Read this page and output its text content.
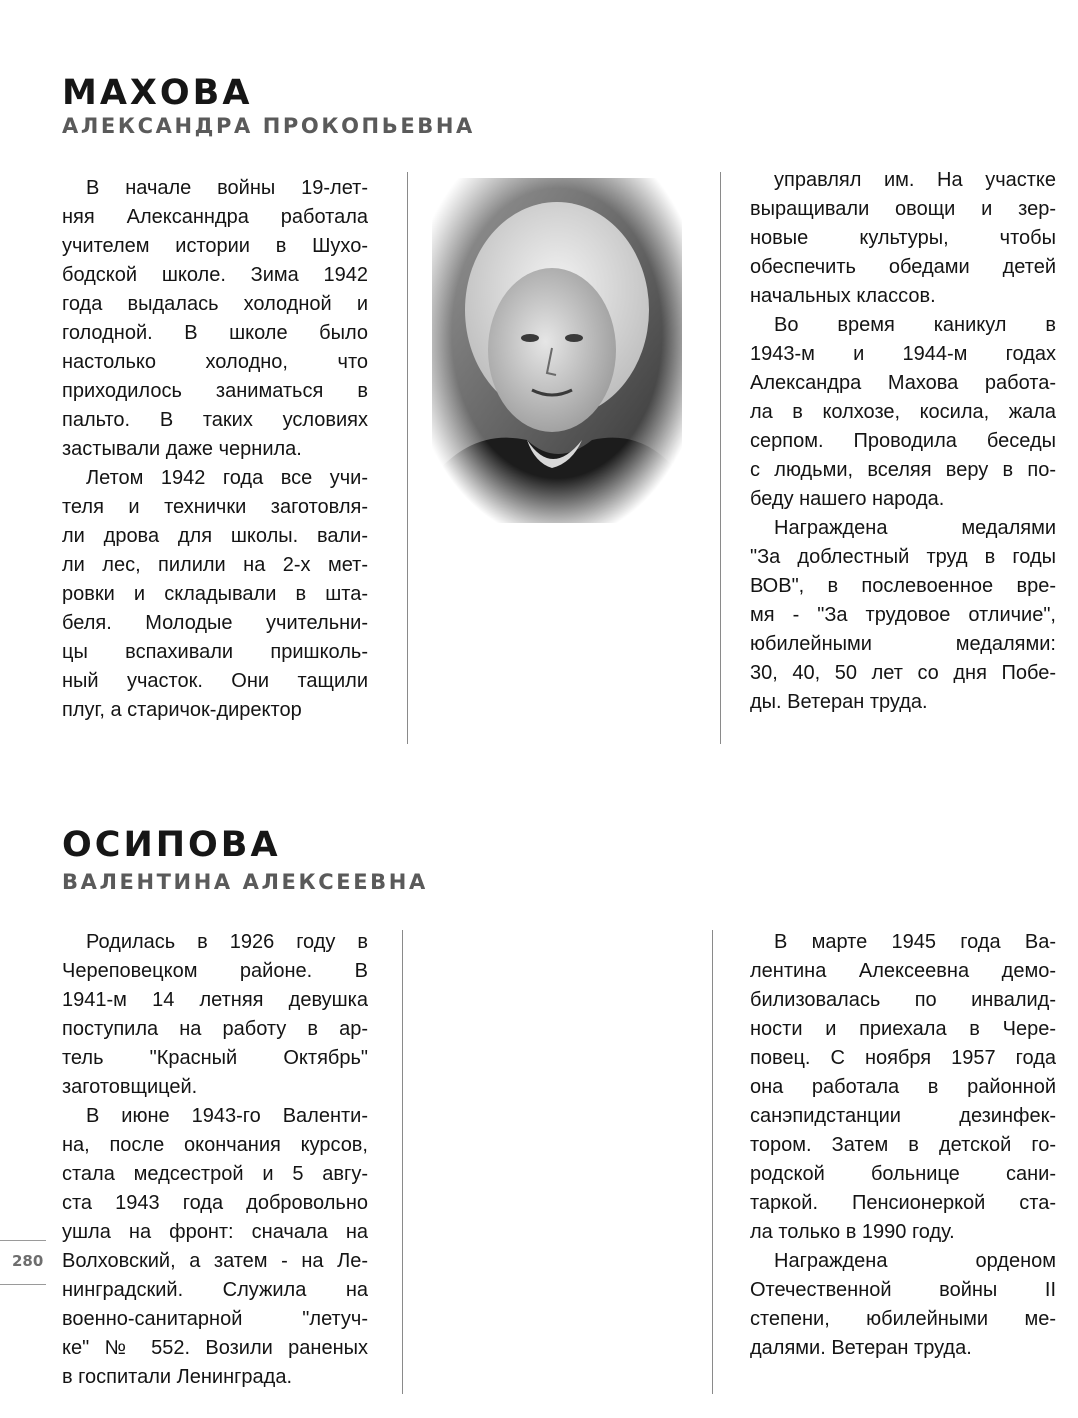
МАХОВА
АЛЕКСАНДРА ПРОКОПЬЕВНА

В начале войны 19-лет-
няя Алексанндра работала
учителем истории в Шухо-
бодской школе. Зима 1942
года выдалась холодной и
голодной. В школе было
настолько холодно, что
приходилось заниматься в
пальто. В таких условиях
застывали даже чернила.

Летом 1942 года все учи-
теля и технички заготовля-
ли дрова для школы. вали-
ли лес, пилили на 2-х мет-
ровки и складывали в шта-
беля. Молодые учительни-
цы вспахивали пришколь-
ный участок. Они тащили
плуг, а старичок-директор

управлял им. На участке
выращивали овощи и зер-
новые культуры, чтобы
обеспечить обедами детей
начальных классов.

Во время каникул в
1943-м и 1944-м годах
Александра Махова работа-
ла в колхозе, косила, жала
серпом. Проводила беседы
с людьми, вселяя веру в по-
беду нашего народа.

Награждена медалями
"За доблестный труд в годы
ВОВ", в послевоенное вре-
мя - "За трудовое отличие",
юбилейными медалями:
30, 40, 50 лет со дня Побе-
ды. Ветеран труда.

ОСИПОВА
ВАЛЕНТИНА АЛЕКСЕЕВНА

Родилась в 1926 году в
Череповецком районе. В
1941-м 14 летняя девушка
поступила на работу в ар-
тель "Красный Октябрь"
заготовщицей.

В июне 1943-го Валенти-
на, после окончания курсов,
стала медсестрой и 5 авгу-
ста 1943 года добровольно
ушла на фронт: сначала на
Волховский, а затем - на Ле-
нинградский. Служила на
военно-санитарной "летуч-
ке" № 552. Возили раненых
в госпитали Ленинграда.

В марте 1945 года Ва-
лентина Алексеевна демо-
билизовалась по инвалид-
ности и приехала в Чере-
повец. С ноября 1957 года
она работала в районной
санэпидстанции дезинфек-
тором. Затем в детской го-
родской больнице сани-
таркой. Пенсионеркой ста-
ла только в 1990 году.

Награждена орденом
Отечественной войны II
степени, юбилейными ме-
далями. Ветеран труда.

280
